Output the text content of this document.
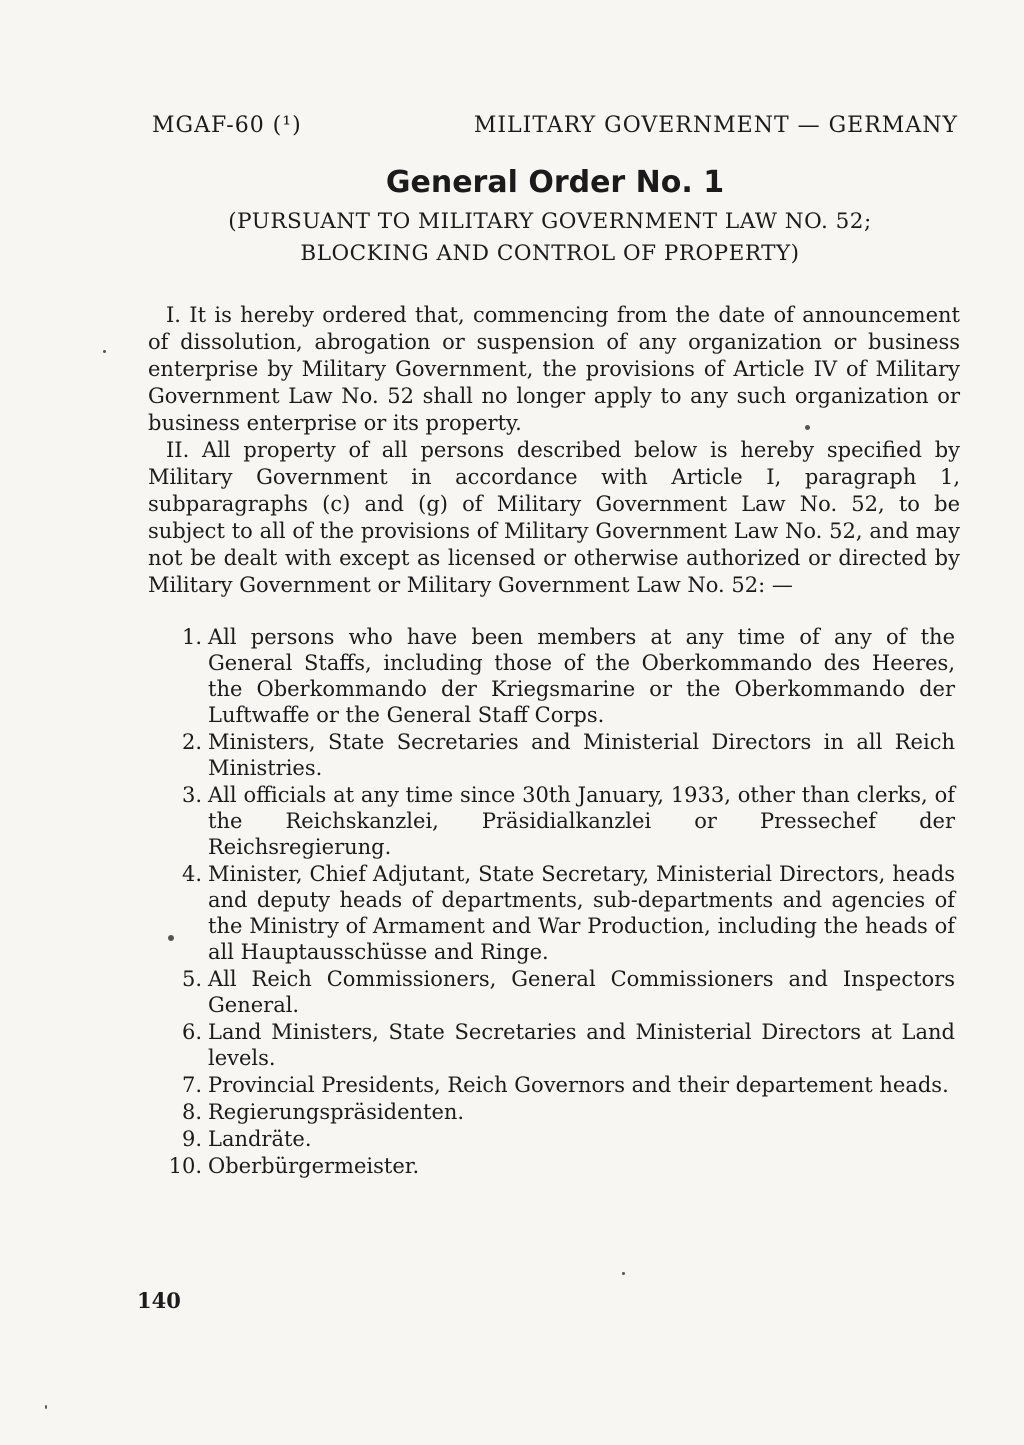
MGAF-60 (¹)	MILITARY GOVERNMENT — GERMANY
General Order No. 1
(PURSUANT TO MILITARY GOVERNMENT LAW NO. 52;
BLOCKING AND CONTROL OF PROPERTY)

I. It is hereby ordered that, commencing from the date of announcement of dissolution, abrogation or suspension of any organization or business enterprise by Military Government, the provisions of Article IV of Military Government Law No. 52 shall no longer apply to any such organization or business enterprise or its property.

II. All property of all persons described below is hereby specified by Military Government in accordance with Article I, paragraph 1, subparagraphs (c) and (g) of Military Government Law No. 52, to be subject to all of the provisions of Military Government Law No. 52, and may not be dealt with except as licensed or otherwise authorized or directed by Military Government or Military Government Law No. 52: —

1. All persons who have been members at any time of any of the General Staffs, including those of the Oberkommando des Heeres, the Oberkommando der Kriegsmarine or the Oberkommando der Luftwaffe or the General Staff Corps.
2. Ministers, State Secretaries and Ministerial Directors in all Reich Ministries.
3. All officials at any time since 30th January, 1933, other than clerks, of the Reichskanzlei, Präsidialkanzlei or Pressechef der Reichsregierung.
4. Minister, Chief Adjutant, State Secretary, Ministerial Directors, heads and deputy heads of departments, sub-departments and agencies of the Ministry of Armament and War Production, including the heads of all Hauptausschüsse and Ringe.
5. All Reich Commissioners, General Commissioners and Inspectors General.
6. Land Ministers, State Secretaries and Ministerial Directors at Land levels.
7. Provincial Presidents, Reich Governors and their departement heads.
8. Regierungspräsidenten.
9. Landräte.
10. Oberbürgermeister.
140
